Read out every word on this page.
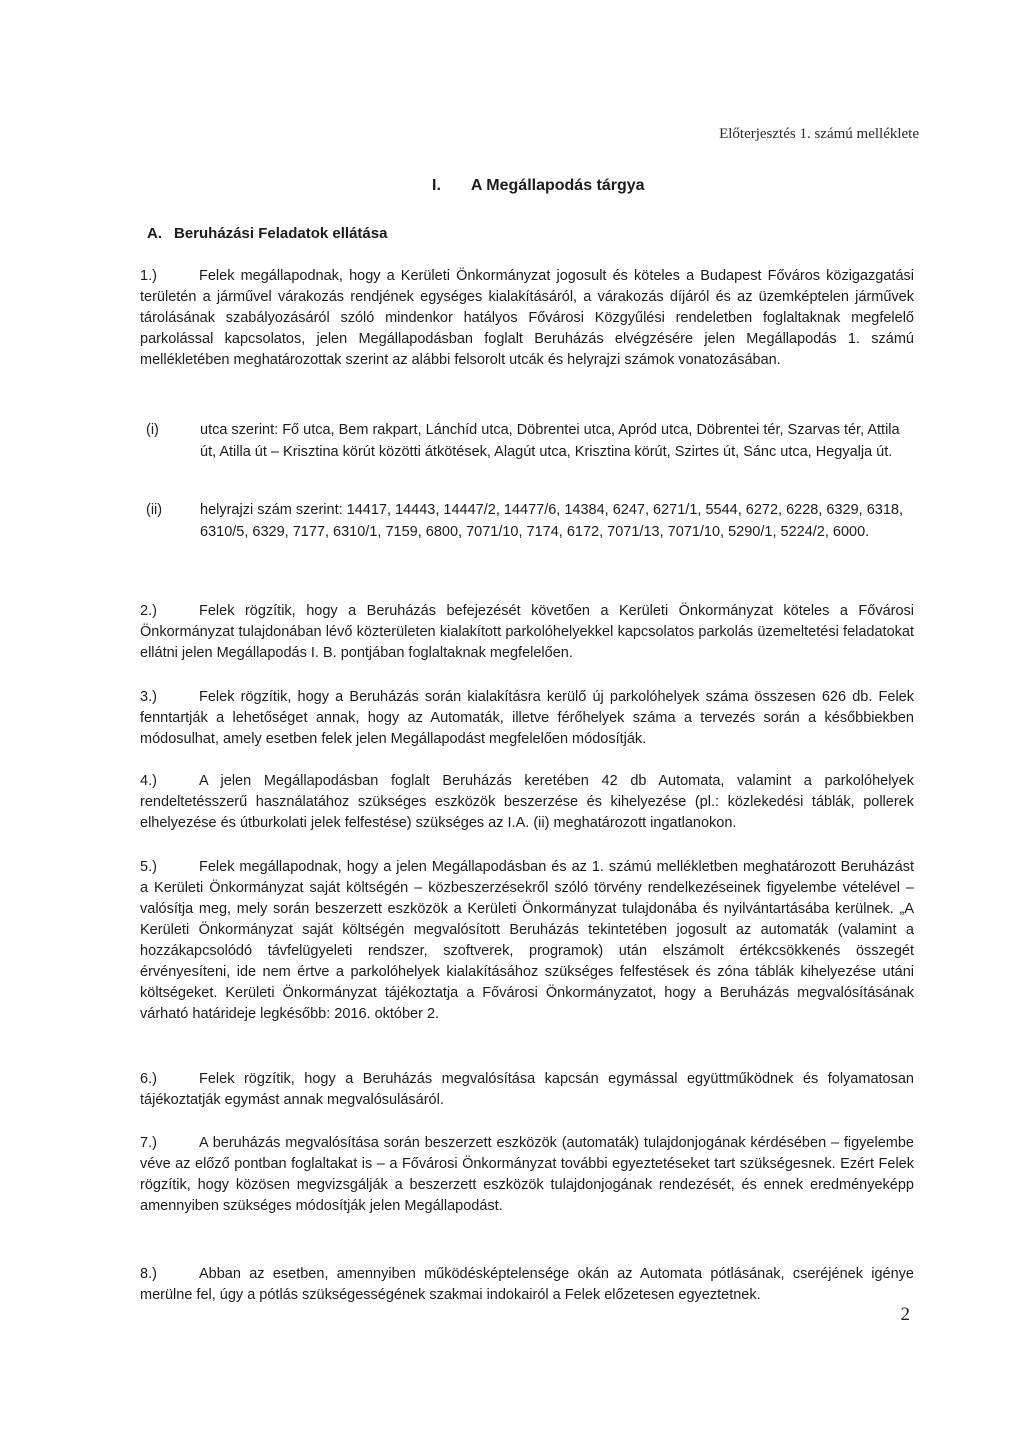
Előterjesztés 1. számú melléklete
I. A Megállapodás tárgya
A. Beruházási Feladatok ellátása
1.)	Felek megállapodnak, hogy a Kerületi Önkormányzat jogosult és köteles a Budapest Főváros közigazgatási területén a járművel várakozás rendjének egységes kialakításáról, a várakozás díjáról és az üzemképtelen járművek tárolásának szabályozásáról szóló mindenkor hatályos Fővárosi Közgyűlési rendeletben foglaltaknak megfelelő parkolással kapcsolatos, jelen Megállapodásban foglalt Beruházás elvégzésére jelen Megállapodás 1. számú mellékletében meghatározottak szerint az alábbi felsorolt utcák és helyrajzi számok vonatozásában.
(i)	utca szerint: Fő utca, Bem rakpart, Lánchíd utca, Döbrentei utca, Apród utca, Döbrentei tér, Szarvas tér, Attila út, Atilla út – Krisztina körút közötti átkötések, Alagút utca, Krisztina körút, Szirtes út, Sánc utca, Hegyalja út.
(ii)	helyrajzi szám szerint: 14417, 14443, 14447/2, 14477/6, 14384, 6247, 6271/1, 5544, 6272, 6228, 6329, 6318, 6310/5, 6329, 7177, 6310/1, 7159, 6800, 7071/10, 7174, 6172, 7071/13, 7071/10, 5290/1, 5224/2, 6000.
2.)	Felek rögzítik, hogy a Beruházás befejezését követően a Kerületi Önkormányzat köteles a Fővárosi Önkormányzat tulajdonában lévő közterületen kialakított parkolóhelyekkel kapcsolatos parkolás üzemeltetési feladatokat ellátni jelen Megállapodás I. B. pontjában foglaltaknak megfelelően.
3.)	Felek rögzítik, hogy a Beruházás során kialakításra kerülő új parkolóhelyek száma összesen 626 db. Felek fenntartják a lehetőséget annak, hogy az Automaták, illetve férőhelyek száma a tervezés során a későbbiekben módosulhat, amely esetben felek jelen Megállapodást megfelelően módosítják.
4.)	A jelen Megállapodásban foglalt Beruházás keretében 42 db Automata, valamint a parkolóhelyek rendeltetésszerű használatához szükséges eszközök beszerzése és kihelyezése (pl.: közlekedési táblák, pollerek elhelyezése és útburkolati jelek felfestése) szükséges az I.A. (ii) meghatározott ingatlanokon.
5.)	Felek megállapodnak, hogy a jelen Megállapodásban és az 1. számú mellékletben meghatározott Beruházást a Kerületi Önkormányzat saját költségén – közbeszerzésekről szóló törvény rendelkezéseinek figyelembe vételével – valósítja meg, mely során beszerzett eszközök a Kerületi Önkormányzat tulajdonába és nyilvántartásába kerülnek. „A Kerületi Önkormányzat saját költségén megvalósított Beruházás tekintetében jogosult az automaták (valamint a hozzákapcsolódó távfelügyeleti rendszer, szoftverek, programok) után elszámolt értékcsökkenés összegét érvényesíteni, ide nem értve a parkolóhelyek kialakításához szükséges felfestések és zóna táblák kihelyezése utáni költségeket. Kerületi Önkormányzat tájékoztatja a Fővárosi Önkormányzatot, hogy a Beruházás megvalósításának várható határideje legkésőbb: 2016. október 2.
6.)	Felek rögzítik, hogy a Beruházás megvalósítása kapcsán egymással együttműködnek és folyamatosan tájékoztatják egymást annak megvalósulásáról.
7.)	A beruházás megvalósítása során beszerzett eszközök (automaták) tulajdonjogának kérdésében – figyelembe véve az előző pontban foglaltakat is – a Fővárosi Önkormányzat további egyeztetéseket tart szükségesnek. Ezért Felek rögzítik, hogy közösen megvizsgálják a beszerzett eszközök tulajdonjogának rendezését, és ennek eredményeképp amennyiben szükséges módosítják jelen Megállapodást.
8.)	Abban az esetben, amennyiben működésképtelensége okán az Automata pótlásának, cseréjének igénye merülne fel, úgy a pótlás szükségességének szakmai indokairól a Felek előzetesen egyeztetnek.
2
